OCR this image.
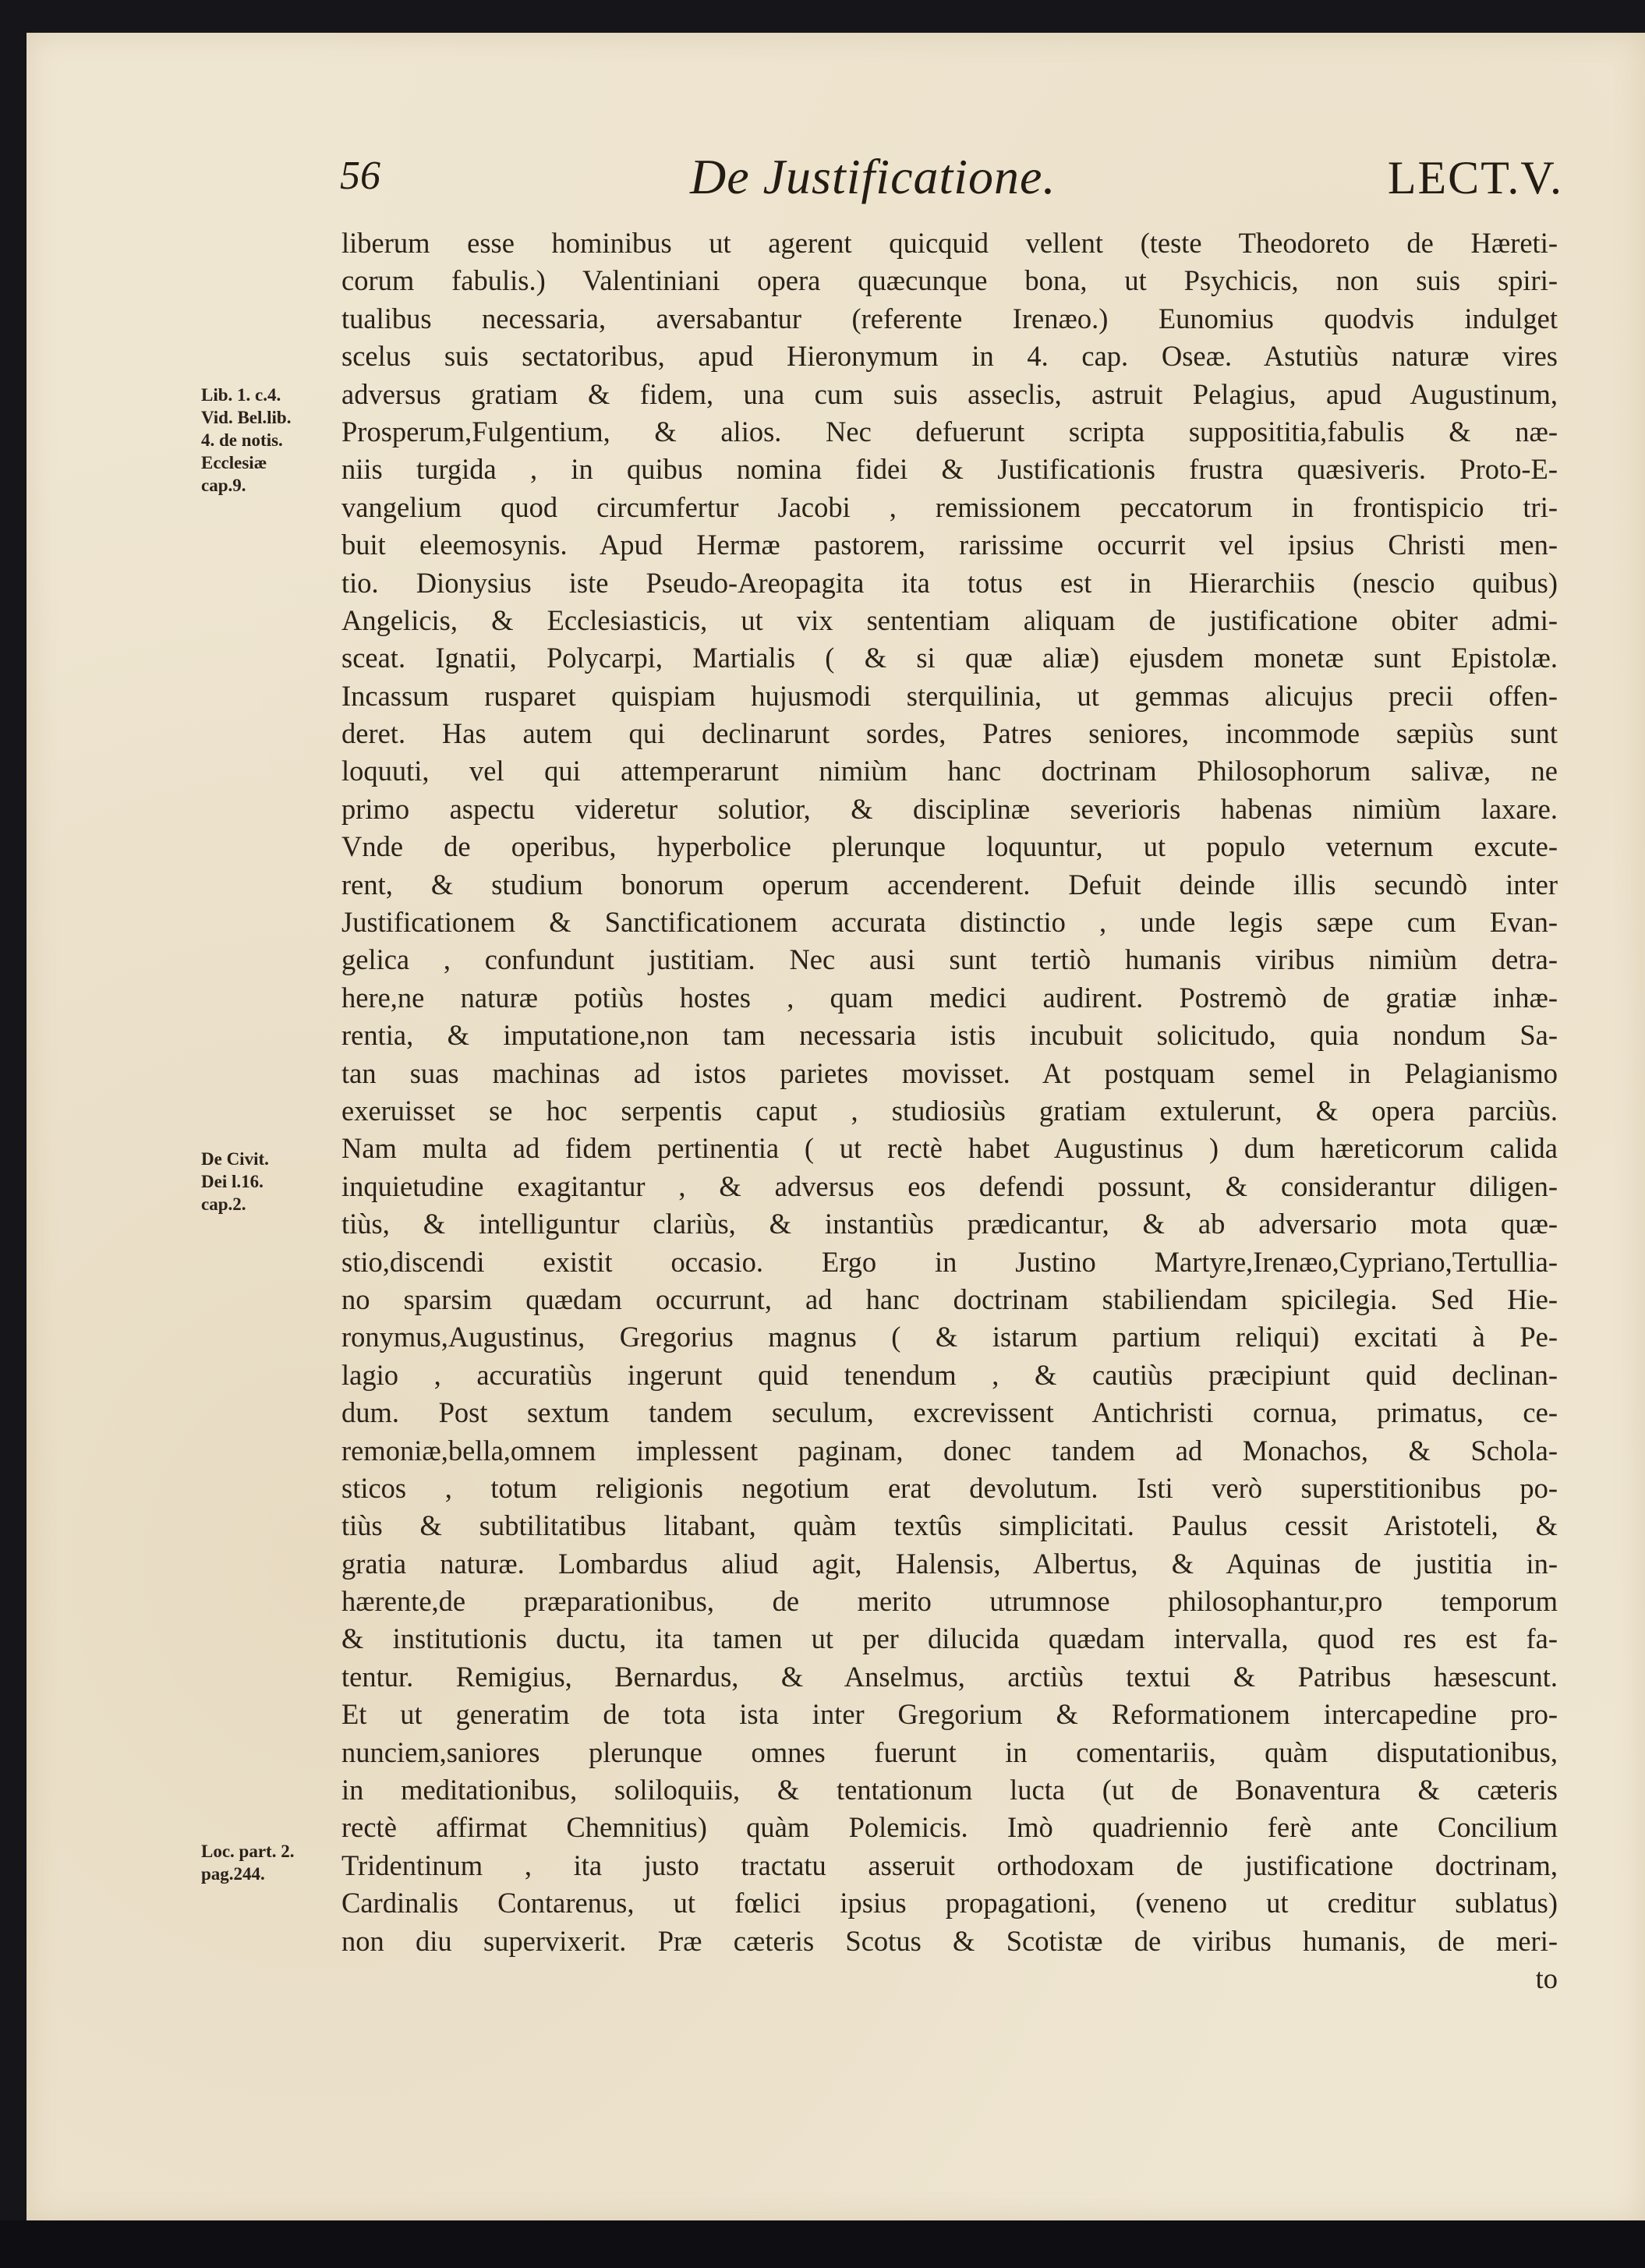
56	De Justificatione.	LECT.V.
Lib. 1. c.4.
Vid. Bel.lib.
4. de notis.
Ecclesiæ
cap.9.
De Civit.
Dei l.16.
cap.2.
Loc. part. 2.
pag.244.
liberum esse hominibus ut agerent quicquid vellent (teste Theodoreto de Hæreti-
corum fabulis.) Valentiniani opera quæcunque bona, ut Psychicis, non suis spiri-
tualibus necessaria, aversabantur (referente Irenæo.) Eunomius quodvis indulget
scelus suis sectatoribus, apud Hieronymum in 4. cap. Oseæ. Astutiùs naturæ vires
adversus gratiam & fidem, una cum suis asseclis, astruit Pelagius, apud Augustinum,
Prosperum,Fulgentium, & alios. Nec defuerunt scripta supposititia,fabulis & næ-
niis turgida , in quibus nomina fidei & Justificationis frustra quæsiveris. Proto-E-
vangelium quod circumfertur Jacobi , remissionem peccatorum in frontispicio tri-
buit eleemosynis. Apud Hermæ pastorem, rarissime occurrit vel ipsius Christi men-
tio. Dionysius iste Pseudo-Areopagita ita totus est in Hierarchiis (nescio quibus)
Angelicis, & Ecclesiasticis, ut vix sententiam aliquam de justificatione obiter admi-
sceat. Ignatii, Polycarpi, Martialis ( & si quæ aliæ) ejusdem monetæ sunt Epistolæ.
Incassum rusparet quispiam hujusmodi sterquilinia, ut gemmas alicujus precii offen-
deret. Has autem qui declinarunt sordes, Patres seniores, incommode sæpiùs sunt
loquuti, vel qui attemperarunt nimiùm hanc doctrinam Philosophorum salivæ, ne
primo aspectu videretur solutior, & disciplinæ severioris habenas nimiùm laxare.
Vnde de operibus, hyperbolice plerunque loquuntur, ut populo veternum excute-
rent, & studium bonorum operum accenderent. Defuit deinde illis secundò inter
Justificationem & Sanctificationem accurata distinctio , unde legis sæpe cum Evan-
gelica , confundunt justitiam. Nec ausi sunt tertiò humanis viribus nimiùm detra-
here,ne naturæ potiùs hostes , quam medici audirent. Postremò de gratiæ inhæ-
rentia, & imputatione,non tam necessaria istis incubuit solicitudo, quia nondum Sa-
tan suas machinas ad istos parietes movisset. At postquam semel in Pelagianismo
exeruisset se hoc serpentis caput , studiosiùs gratiam extulerunt, & opera parciùs.
Nam multa ad fidem pertinentia ( ut rectè habet Augustinus ) dum hæreticorum calida
inquietudine exagitantur , & adversus eos defendi possunt, & considerantur diligen-
tiùs, & intelliguntur clariùs, & instantiùs prædicantur, & ab adversario mota quæ-
stio,discendi existit occasio. Ergo in Justino Martyre,Irenæo,Cypriano,Tertullia-
no sparsim quædam occurrunt, ad hanc doctrinam stabiliendam spicilegia. Sed Hie-
ronymus,Augustinus, Gregorius magnus ( & istarum partium reliqui) excitati à Pe-
lagio , accuratiùs ingerunt quid tenendum , & cautiùs præcipiunt quid declinan-
dum. Post sextum tandem seculum, excrevissent Antichristi cornua, primatus, ce-
remoniæ,bella,omnem implessent paginam, donec tandem ad Monachos, & Schola-
sticos , totum religionis negotium erat devolutum. Isti verò superstitionibus po-
tiùs & subtilitatibus litabant, quàm textûs simplicitati. Paulus cessit Aristoteli, &
gratia naturæ. Lombardus aliud agit, Halensis, Albertus, & Aquinas de justitia in-
hærente,de præparationibus, de merito utrumnose philosophantur,pro temporum
& institutionis ductu, ita tamen ut per dilucida quædam intervalla, quod res est fa-
tentur. Remigius, Bernardus, & Anselmus, arctiùs textui & Patribus hæsescunt.
Et ut generatim de tota ista inter Gregorium & Reformationem intercapedine pro-
nunciem,saniores plerunque omnes fuerunt in comentariis, quàm disputationibus,
in meditationibus, soliloquiis, & tentationum lucta (ut de Bonaventura & cæteris
rectè affirmat Chemnitius) quàm Polemicis. Imò quadriennio ferè ante Concilium
Tridentinum , ita justo tractatu asseruit orthodoxam de justificatione doctrinam,
Cardinalis Contarenus, ut fœlici ipsius propagationi, (veneno ut creditur sublatus)
non diu supervixerit. Præ cæteris Scotus & Scotistæ de viribus humanis, de meri-
to
